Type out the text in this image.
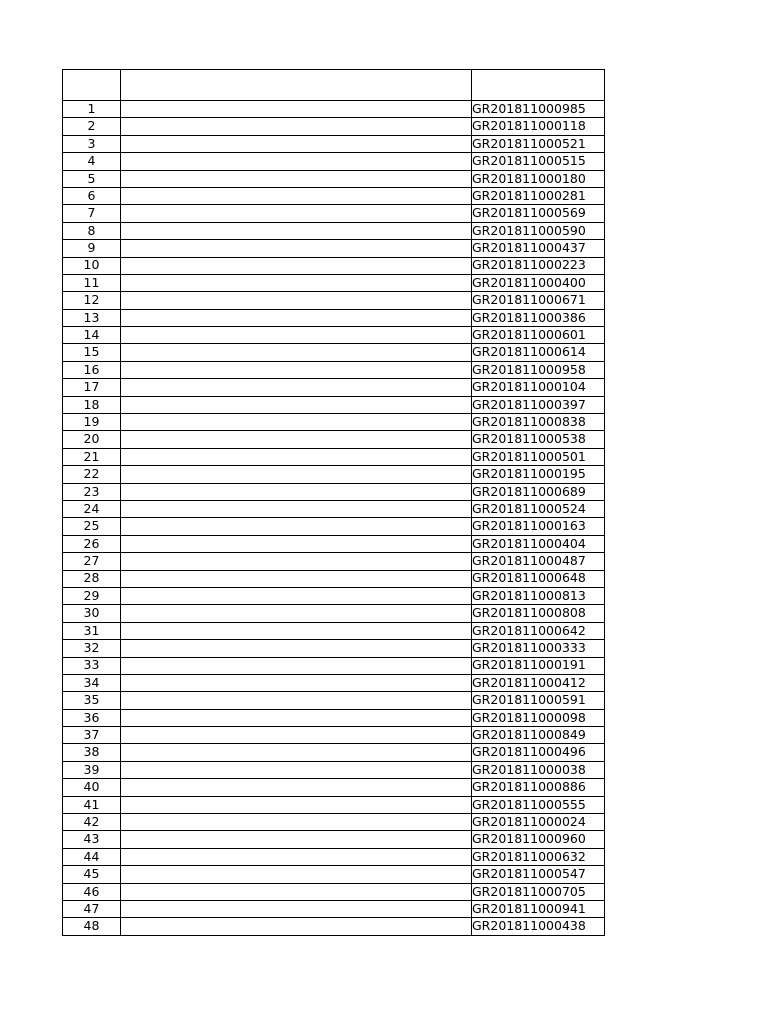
1		GR201811000985
2		GR201811000118
3		GR201811000521
4		GR201811000515
5		GR201811000180
6		GR201811000281
7		GR201811000569
8		GR201811000590
9		GR201811000437
10		GR201811000223
11		GR201811000400
12		GR201811000671
13		GR201811000386
14		GR201811000601
15		GR201811000614
16		GR201811000958
17		GR201811000104
18		GR201811000397
19		GR201811000838
20		GR201811000538
21		GR201811000501
22		GR201811000195
23		GR201811000689
24		GR201811000524
25		GR201811000163
26		GR201811000404
27		GR201811000487
28		GR201811000648
29		GR201811000813
30		GR201811000808
31		GR201811000642
32		GR201811000333
33		GR201811000191
34		GR201811000412
35		GR201811000591
36		GR201811000098
37		GR201811000849
38		GR201811000496
39		GR201811000038
40		GR201811000886
41		GR201811000555
42		GR201811000024
43		GR201811000960
44		GR201811000632
45		GR201811000547
46		GR201811000705
47		GR201811000941
48		GR201811000438
